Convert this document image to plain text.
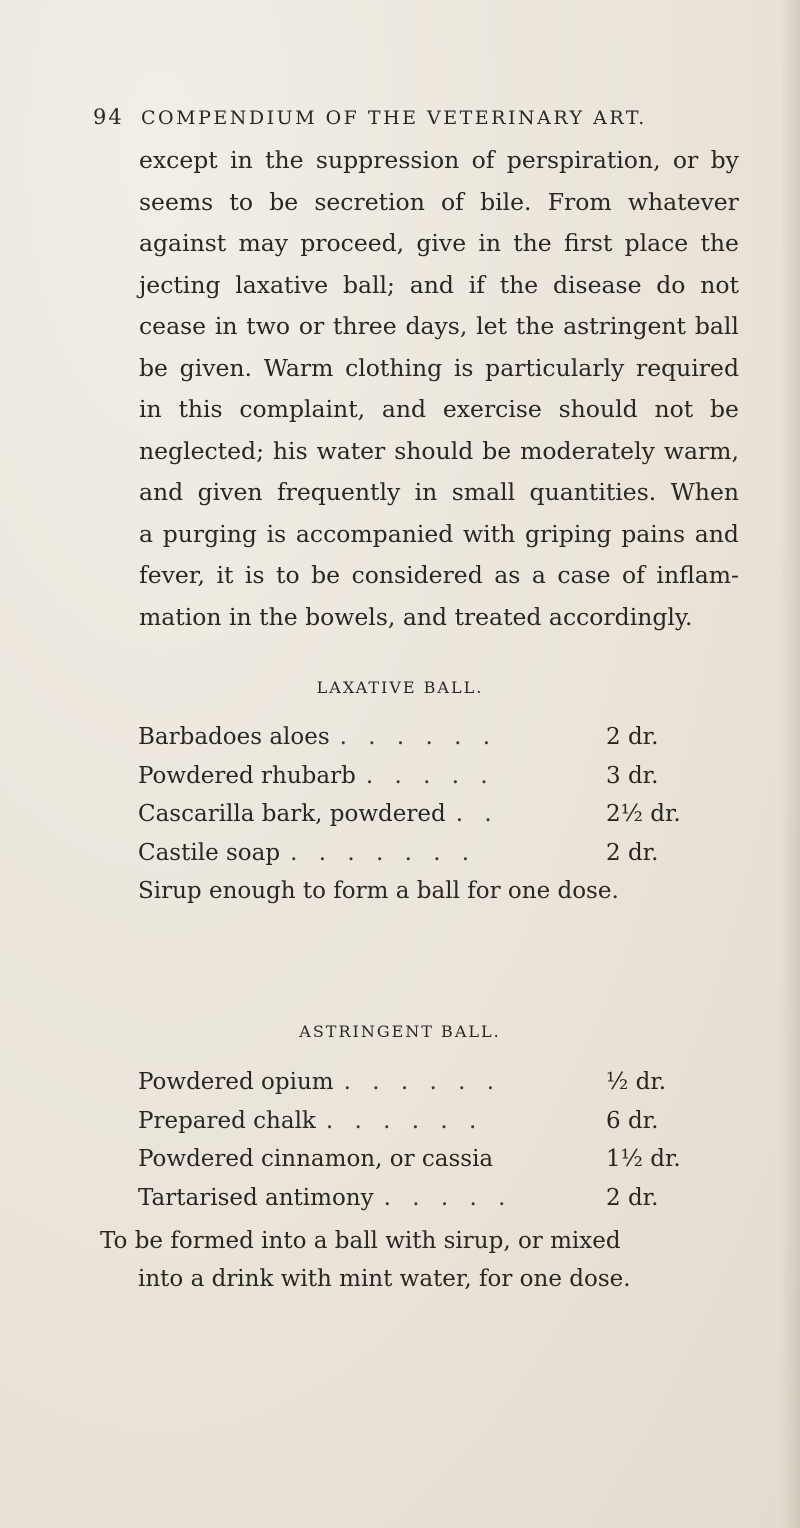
94 COMPENDIUM OF THE VETERINARY ART.
except in the suppression of perspiration, or by
seems to be secretion of bile. From whatever
against may proceed, give in the first place the
jecting laxative ball; and if the disease do not
cease in two or three days, let the astringent ball
be given. Warm clothing is particularly required
in this complaint, and exercise should not be
neglected; his water should be moderately warm,
and given frequently in small quantities. When
a purging is accompanied with griping pains and
fever, it is to be considered as a case of inflam-
mation in the bowels, and treated accordingly.
LAXATIVE BALL.
Barbadoes aloes . . . . . .	2 dr.
Powdered rhubarb . . . . .	3 dr.
Cascarilla bark, powdered . .	2½ dr.
Castile soap . . . . . . .	2 dr.
Sirup enough to form a ball for one dose.
ASTRINGENT BALL.
Powdered opium . . . . . .	½ dr.
Prepared chalk . . . . . .	6 dr.
Powdered cinnamon, or cassia	1½ dr.
Tartarised antimony . . . . .	2 dr.
To be formed into a ball with sirup, or mixed
into a drink with mint water, for one dose.
